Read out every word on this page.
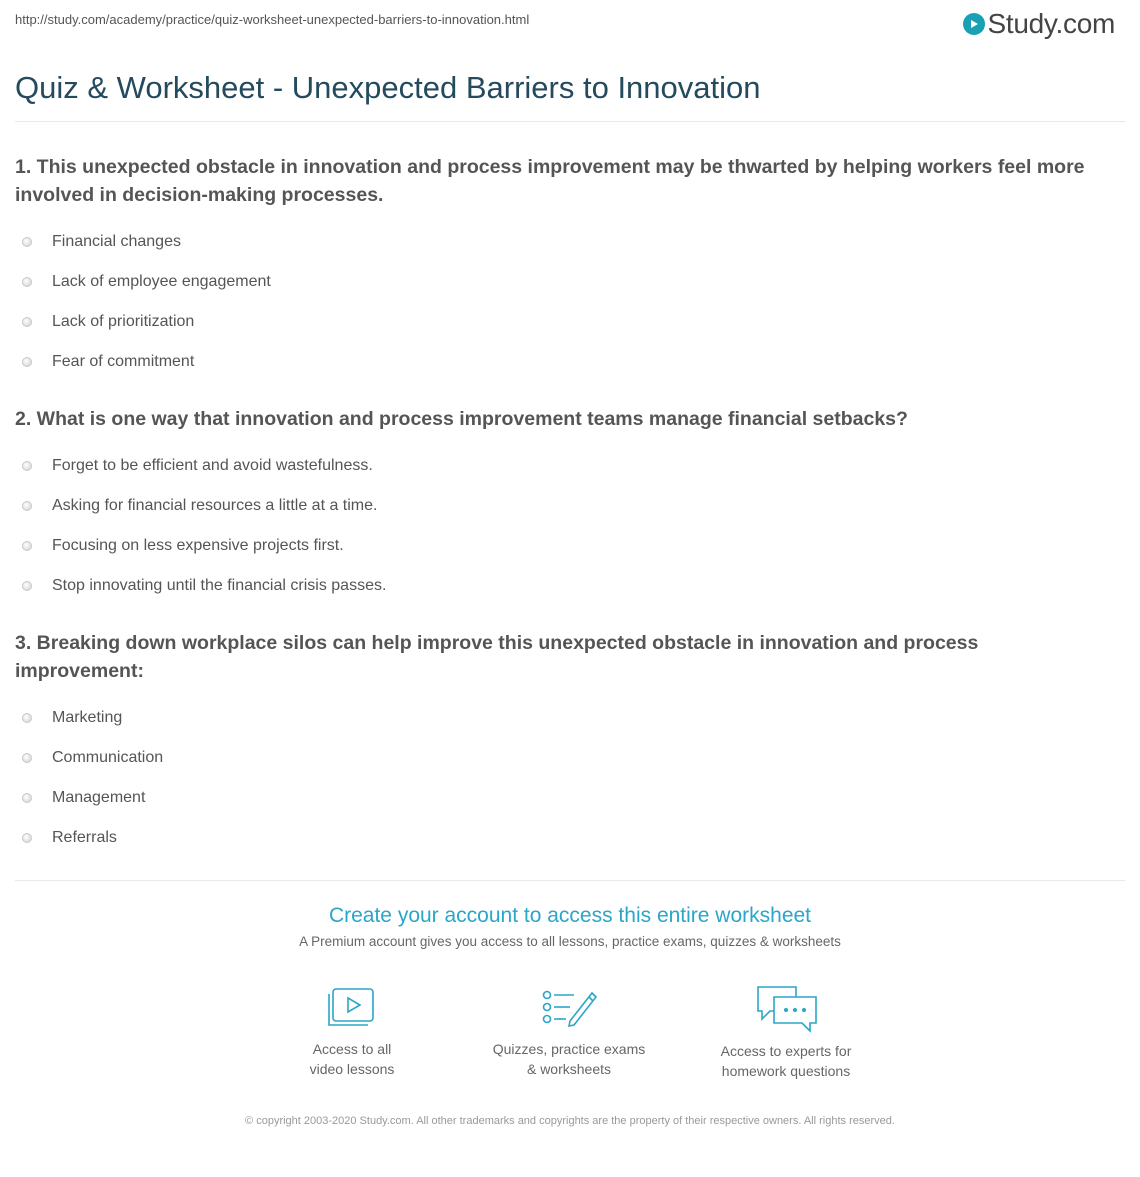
http://study.com/academy/practice/quiz-worksheet-unexpected-barriers-to-innovation.html	Study.com
Quiz & Worksheet - Unexpected Barriers to Innovation

1. This unexpected obstacle in innovation and process improvement may be thwarted by helping workers feel more involved in decision-making processes.

Financial changes
Lack of employee engagement
Lack of prioritization
Fear of commitment

2. What is one way that innovation and process improvement teams manage financial setbacks?

Forget to be efficient and avoid wastefulness.
Asking for financial resources a little at a time.
Focusing on less expensive projects first.
Stop innovating until the financial crisis passes.

3. Breaking down workplace silos can help improve this unexpected obstacle in innovation and process improvement:

Marketing
Communication
Management
Referrals
Create your account to access this entire worksheet
A Premium account gives you access to all lessons, practice exams, quizzes & worksheets
Access to all
video lessons
Quizzes, practice exams
& worksheets
Access to experts for
homework questions
© copyright 2003-2020 Study.com. All other trademarks and copyrights are the property of their respective owners. All rights reserved.
